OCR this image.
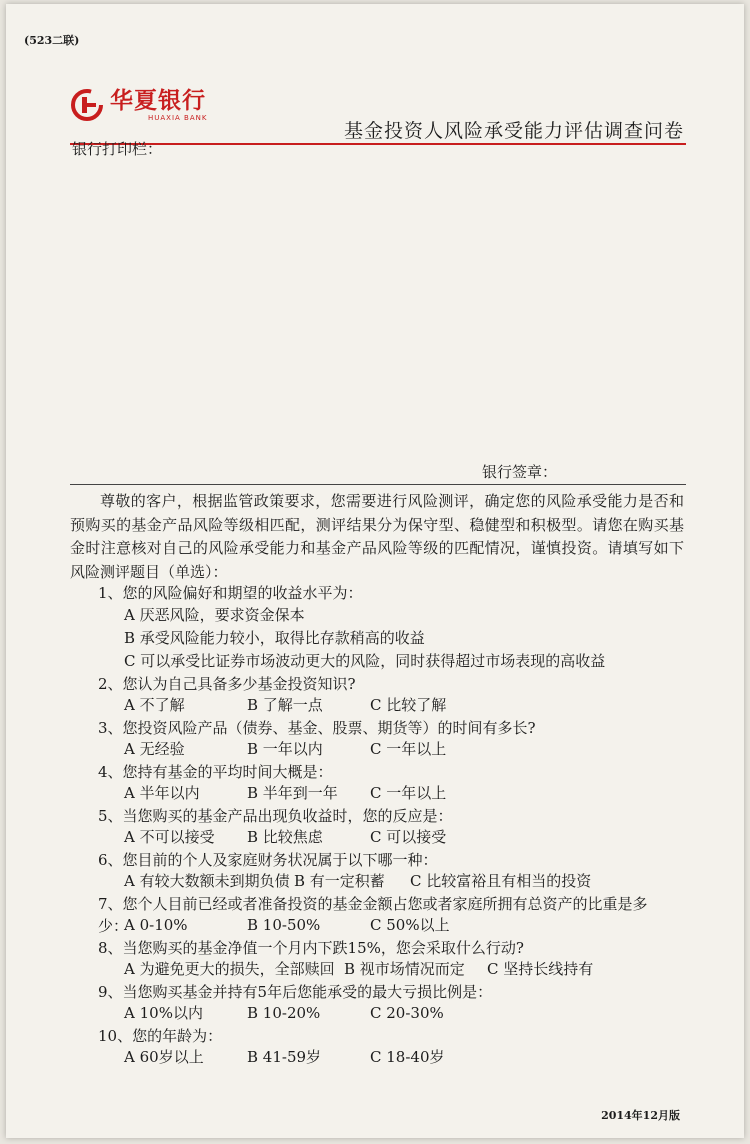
(523二联)
华夏银行
HUAXIA BANK
基金投资人风险承受能力评估调查问卷
银行打印栏：
银行签章：
尊敬的客户，根据监管政策要求，您需要进行风险测评，确定您的风险承受能力是否和预购买的基金产品风险等级相匹配，测评结果分为保守型、稳健型和积极型。请您在购买基金时注意核对自己的风险承受能力和基金产品风险等级的匹配情况，谨慎投资。请填写如下风险测评题目（单选）：
1、您的风险偏好和期望的收益水平为：
A 厌恶风险，要求资金保本
B 承受风险能力较小，取得比存款稍高的收益
C 可以承受比证券市场波动更大的风险，同时获得超过市场表现的高收益
2、您认为自己具备多少基金投资知识?
A 不了解	B 了解一点	C 比较了解
3、您投资风险产品（债券、基金、股票、期货等）的时间有多长?
A 无经验	B 一年以内	C 一年以上
4、您持有基金的平均时间大概是：
A 半年以内	B 半年到一年 C 一年以上
5、当您购买的基金产品出现负收益时，您的反应是：
A 不可以接受 B 比较焦虑	C 可以接受
6、您目前的个人及家庭财务状况属于以下哪一种：
A 有较大数额未到期负债 B 有一定积蓄 C 比较富裕且有相当的投资
7、您个人目前已经或者准备投资的基金金额占您或者家庭所拥有总资产的比重是多少：
A 0-10%	B 10-50%	C 50%以上
8、当您购买的基金净值一个月内下跌15%，您会采取什么行动?
A 为避免更大的损失，全部赎回 B 视市场情况而定 C 坚持长线持有
9、当您购买基金并持有5年后您能承受的最大亏损比例是：
A 10%以内	B 10-20%	C 20-30%
10、您的年龄为：
A 60岁以上	B 41-59岁	C 18-40岁
2014年12月版
